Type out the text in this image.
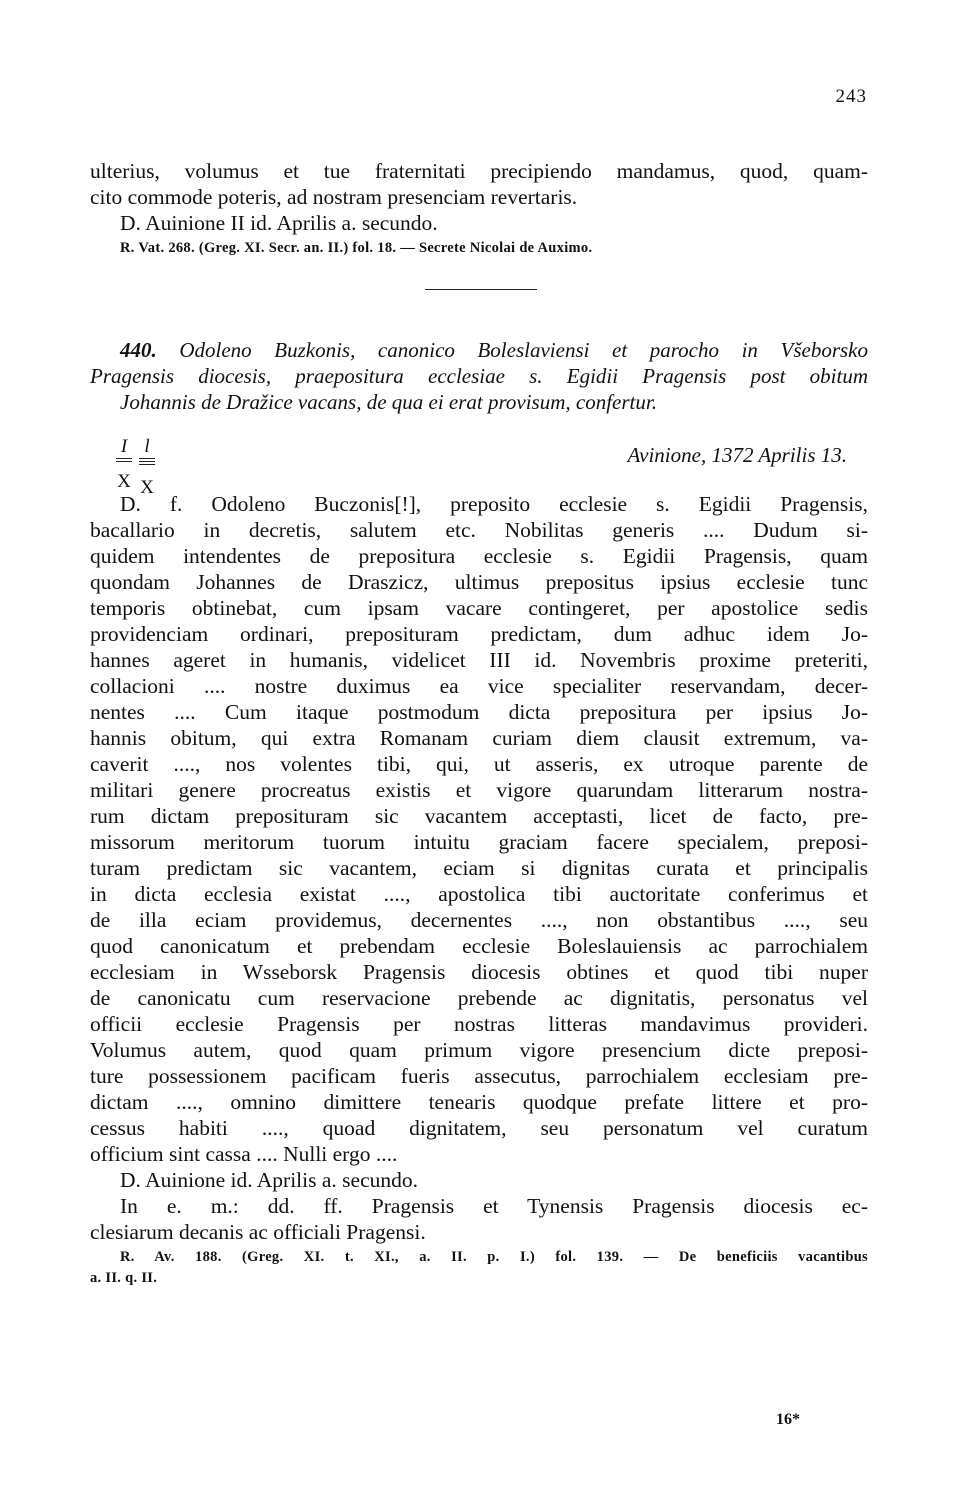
243
ulterius, volumus et tue fraternitati precipiendo mandamus, quod, quam-
cito commode poteris, ad nostram presenciam revertaris.
D. Auinione II id. Aprilis a. secundo.
R. Vat. 268. (Greg. XI. Secr. an. II.) fol. 18. — Secrete Nicolai de Auximo.
440. Odoleno Buzkonis, canonico Boleslaviensi et parocho in Všeborsko
Pragensis diocesis, praepositura ecclesiae s. Egidii Pragensis post obitum
Johannis de Dražice vacans, de qua ei erat provisum, confertur.
I
X
l
X
Avinione, 1372 Aprilis 13.
D. f. Odoleno Buczonis[!], preposito ecclesie s. Egidii Pragensis,
bacallario in decretis, salutem etc. Nobilitas generis .... Dudum si-
quidem intendentes de prepositura ecclesie s. Egidii Pragensis, quam
quondam Johannes de Draszicz, ultimus prepositus ipsius ecclesie tunc
temporis obtinebat, cum ipsam vacare contingeret, per apostolice sedis
providenciam ordinari, preposituram predictam, dum adhuc idem Jo-
hannes ageret in humanis, videlicet III id. Novembris proxime preteriti,
collacioni .... nostre duximus ea vice specialiter reservandam, decer-
nentes .... Cum itaque postmodum dicta prepositura per ipsius Jo-
hannis obitum, qui extra Romanam curiam diem clausit extremum, va-
caverit ...., nos volentes tibi, qui, ut asseris, ex utroque parente de
militari genere procreatus existis et vigore quarundam litterarum nostra-
rum dictam preposituram sic vacantem acceptasti, licet de facto, pre-
missorum meritorum tuorum intuitu graciam facere specialem, preposi-
turam predictam sic vacantem, eciam si dignitas curata et principalis
in dicta ecclesia existat ...., apostolica tibi auctoritate conferimus et
de illa eciam providemus, decernentes ...., non obstantibus ...., seu
quod canonicatum et prebendam ecclesie Boleslauiensis ac parrochialem
ecclesiam in Wsseborsk Pragensis diocesis obtines et quod tibi nuper
de canonicatu cum reservacione prebende ac dignitatis, personatus vel
officii ecclesie Pragensis per nostras litteras mandavimus provideri.
Volumus autem, quod quam primum vigore presencium dicte preposi-
ture possessionem pacificam fueris assecutus, parrochialem ecclesiam pre-
dictam ...., omnino dimittere tenearis quodque prefate littere et pro-
cessus habiti ...., quoad dignitatem, seu personatum vel curatum
officium sint cassa .... Nulli ergo ....
D. Auinione id. Aprilis a. secundo.
In e. m.: dd. ff. Pragensis et Tynensis Pragensis diocesis ec-
clesiarum decanis ac officiali Pragensi.
R. Av. 188. (Greg. XI. t. XI., a. II. p. I.) fol. 139. — De beneficiis vacantibus
a. II. q. II.
16*
